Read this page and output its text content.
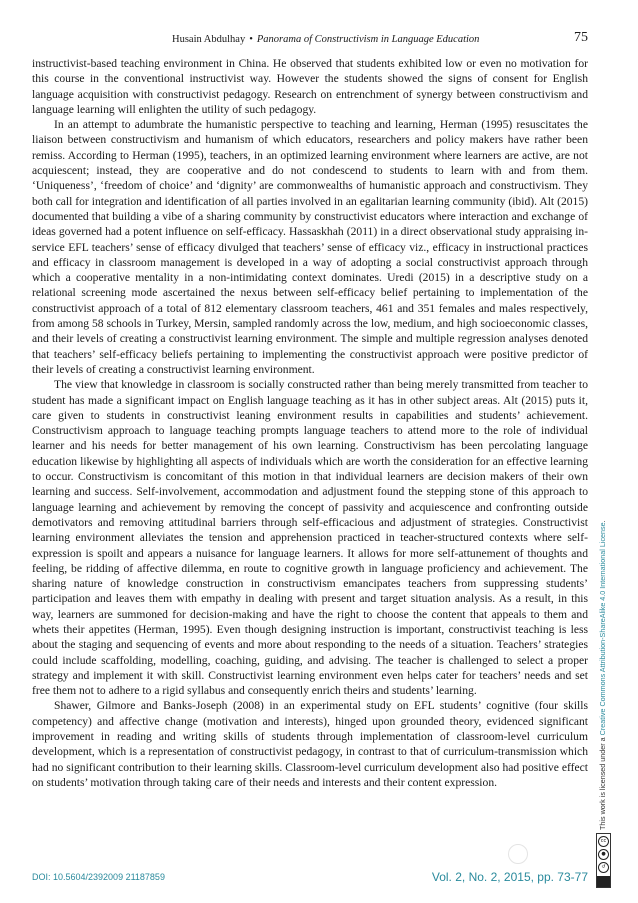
Husain Abdulhay • Panorama of Constructivism in Language Education	75

instructivist-based teaching environment in China. He observed that students exhibited low or even no motivation for this course in the conventional instructivist way. However the students showed the signs of consent for English language acquisition with constructivist pedagogy. Research on entrenchment of synergy between constructivism and language learning will enlighten the utility of such pedagogy.

In an attempt to adumbrate the humanistic perspective to teaching and learning, Herman (1995) resuscitates the liaison between constructivism and humanism of which educators, researchers and policy makers have rather been remiss. According to Herman (1995), teachers, in an optimized learning environment where learners are active, are not acquiescent; instead, they are cooperative and do not condescend to students to learn with and from them. ‘Uniqueness’, ‘freedom of choice’ and ‘dignity’ are commonwealths of humanistic approach and constructivism. They both call for integration and identification of all parties involved in an egalitarian learning community (ibid). Alt (2015) documented that building a vibe of a sharing community by constructivist educators where interaction and exchange of ideas governed had a potent influence on self-efficacy. Hassaskhah (2011) in a direct observational study appraising in-service EFL teachers’ sense of efficacy divulged that teachers’ sense of efficacy viz., efficacy in instructional practices and efficacy in classroom management is developed in a way of adopting a social constructivist approach through which a cooperative mentality in a non-intimidating context dominates. Uredi (2015) in a descriptive study on a relational screening mode ascertained the nexus between self-efficacy belief pertaining to implementation of the constructivist approach of a total of 812 elementary classroom teachers, 461 and 351 females and males respectively, from among 58 schools in Turkey, Mersin, sampled randomly across the low, medium, and high socioeconomic classes, and their levels of creating a constructivist learning environment. The simple and multiple regression analyses denoted that teachers’ self-efficacy beliefs pertaining to implementing the constructivist approach were positive predictor of their levels of creating a constructivist learning environment.

The view that knowledge in classroom is socially constructed rather than being merely transmitted from teacher to student has made a significant impact on English language teaching as it has in other subject areas. Alt (2015) puts it, care given to students in constructivist leaning environment results in capabilities and students’ achievement. Constructivism approach to language teaching prompts language teachers to attend more to the role of individual learner and his needs for better management of his own learning. Constructivism has been percolating language education likewise by highlighting all aspects of individuals which are worth the consideration for an effective learning to occur. Constructivism is concomitant of this motion in that individual learners are decision makers of their own learning and success. Self-involvement, accommodation and adjustment found the stepping stone of this approach to language learning and achievement by removing the concept of passivity and acquiescence and confronting outside demotivators and removing attitudinal barriers through self-efficacious and adjustment of strategies. Constructivist learning environment alleviates the tension and apprehension practiced in teacher-structured contexts where self-expression is spoilt and appears a nuisance for language learners. It allows for more self-attunement of thoughts and feeling, be ridding of affective dilemma, en route to cognitive growth in language proficiency and achievement. The sharing nature of knowledge construction in constructivism emancipates teachers from suppressing students’ participation and leaves them with empathy in dealing with present and target situation analysis. As a result, in this way, learners are summoned for decision-making and have the right to choose the content that appeals to them and whets their appetites (Herman, 1995). Even though designing instruction is important, constructivist teaching is less about the staging and sequencing of events and more about responding to the needs of a situation. Teachers’ strategies could include scaffolding, modelling, coaching, guiding, and advising. The teacher is challenged to select a proper strategy and implement it with skill. Constructivist learning environment even helps cater for teachers’ needs and set free them not to adhere to a rigid syllabus and consequently enrich theirs and students’ learning.

Shawer, Gilmore and Banks-Joseph (2008) in an experimental study on EFL students’ cognitive (four skills competency) and affective change (motivation and interests), hinged upon grounded theory, evidenced significant improvement in reading and writing skills of students through implementation of classroom-level curriculum development, which is a representation of constructivist pedagogy, in contrast to that of curriculum-transmission which had no significant contribution to their learning skills. Classroom-level curriculum development also had positive effect on students’ motivation through taking care of their needs and interests and their content expression.	This work is licensed under a Creative Commons Attribution-ShareAlike 4.0 International License.
cc
●
↺
DOI: 10.5604/2392009 21187859	Vol. 2, No. 2, 2015, pp. 73-77
